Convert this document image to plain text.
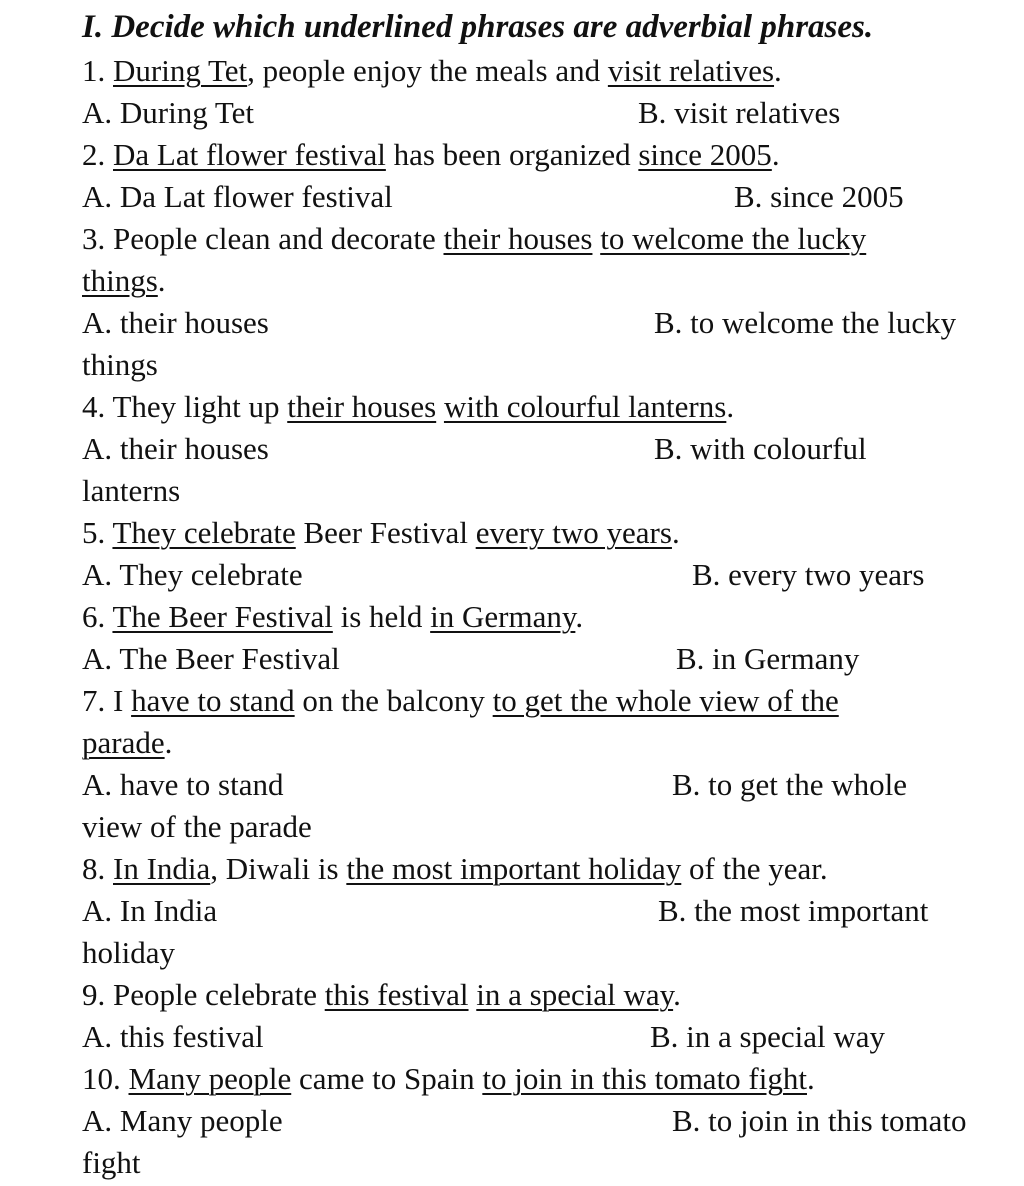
I. Decide which underlined phrases are adverbial phrases.
1. During Tet, people enjoy the meals and visit relatives.
A. During Tet	B. visit relatives
2. Da Lat flower festival has been organized since 2005.
A. Da Lat flower festival	B. since 2005
3. People clean and decorate their houses to welcome the lucky
things.
A. their houses	B. to welcome the lucky
things
4. They light up their houses with colourful lanterns.
A. their houses	B. with colourful
lanterns
5. They celebrate Beer Festival every two years.
A. They celebrate	B. every two years
6. The Beer Festival is held in Germany.
A. The Beer Festival	B. in Germany
7. I have to stand on the balcony to get the whole view of the
parade.
A. have to stand	B. to get the whole
view of the parade
8. In India, Diwali is the most important holiday of the year.
A. In India	B. the most important
holiday
9. People celebrate this festival in a special way.
A. this festival	B. in a special way
10. Many people came to Spain to join in this tomato fight.
A. Many people	B. to join in this tomato
fight
